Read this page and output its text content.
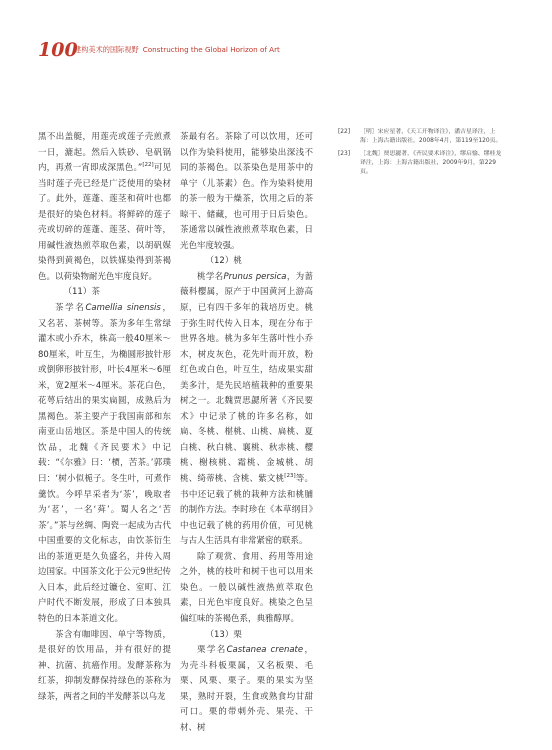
100
建构美术的国际视野 Constructing the Global Horizon of Art

黑不出盖艇，用莲壳或莲子壳煎煮一日，漉起。然后入铁砂、皂矾锅内，再煮一宵即成深黑色。”[22]可见当时莲子壳已经是广泛使用的染材了。此外，莲蓬、莲茎和荷叶也都是很好的染色材料。将鲜碎的莲子壳或切碎的莲蓬、莲茎、荷叶等，用碱性液热煎萃取色素，以胡矾媒染得到黄褐色，以铁媒染得到茶褐色。以荷染物耐光色牢度良好。

（11）茶

茶学名Camellia sinensis，又名茗、茶树等。茶为多年生常绿灌木或小乔木，株高一般40厘米～80厘米，叶互生，为椭圆形披针形或倒卵形披针形，叶长4厘米～6厘米，宽2厘米～4厘米。茶花白色，花萼后结出的果实扁圆，成熟后为黑褐色。茶主要产于我国南部和东南亚山岳地区。茶是中国人的传统饮品，北魏《齐民要术》中记载：“《尔雅》曰：‘槚，苦茶。’郭璞曰：‘树小似栀子。冬生叶，可煮作羹饮。今呼早采者为‘茶’，晚取者为‘茗’，一名‘荈’。蜀人名之‘苦茶’。”茶与丝绸、陶瓷一起成为古代中国重要的文化标志，由饮茶衍生出的茶道更是久负盛名，并传入周边国家。中国茶文化于公元9世纪传入日本，此后经过镰仓、室町、江户时代不断发展，形成了日本独具特色的日本茶道文化。

茶含有咖啡因、单宁等物质，是很好的饮用品，并有很好的提神、抗菌、抗癌作用。发酵茶称为红茶，抑制发酵保持绿色的茶称为绿茶，两者之间的半发酵茶以乌龙

茶最有名。茶除了可以饮用，还可以作为染料使用，能够染出深浅不同的茶褐色。以茶染色是用茶中的单宁（儿茶素）色。作为染料使用的茶一般为干燥茶，饮用之后的茶晾干、储藏，也可用于日后染色。茶通常以碱性液煎煮萃取色素，日光色牢度较强。

（12）桃

桃学名Prunus persica，为蔷薇科樱属，原产于中国黄河上游高原，已有四千多年的栽培历史。桃于弥生时代传入日本，现在分布于世界各地。桃为多年生落叶性小乔木，树皮灰色，花先叶而开放，粉红色或白色，叶互生，结成果实甜美多汁，是先民培植栽种的重要果树之一。北魏贾思勰所著《齐民要术》中记录了桃的许多名称，如扁、冬桃、椹桃、山桃、扁桃、夏白桃、秋白桃、襄桃、秋赤桃、樱桃、榭核桃、霜桃、金城桃、胡桃、绮蒂桃、含桃、紫文桃[23]等。书中还记载了桃的栽种方法和桃脯的制作方法。李时珍在《本草纲目》中也记载了桃的药用价值，可见桃与古人生活具有非常紧密的联系。

除了观赏、食用、药用等用途之外，桃的枝叶和树干也可以用来染色。一般以碱性液热煎萃取色素，日光色牢度良好。桃染之色呈偏红味的茶褐色系，典雅醇厚。

（13）栗

栗学名Castanea crenate，为壳斗科板栗属，又名板栗、毛栗、风栗、栗子。栗的果实为坚果，熟时开裂，生食或熟食均甘甜可口。栗的带刺外壳、果壳、干材、树

[22]	［明］宋应星著，《天工开物译注》，潘吉星译注，上海：上海古籍出版社，2008年4月，第119至120页。
[23]	［北魏］贾思勰著，《齐民要术译注》，缪启愉、缪桂龙译注，上海：上海古籍出版社，2009年9月，第229页。
